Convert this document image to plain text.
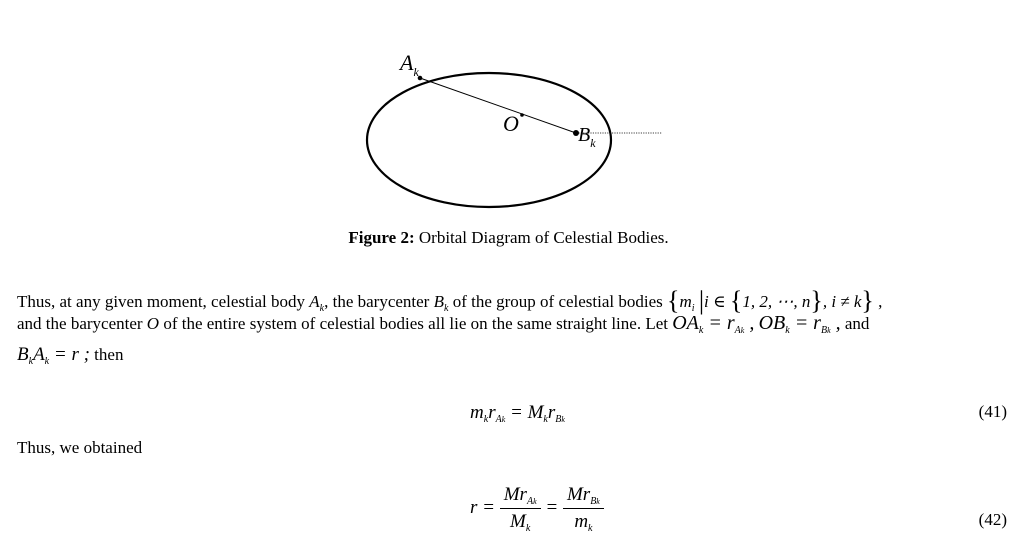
$A_k$
O	$B_k$
Figure 2: Orbital Diagram of Celestial Bodies.
Thus, at any given moment, celestial body $A_k$, the barycenter $B_k$ of the group of celestial bodies {$m_i$ |i ∈ {1, 2, ⋯, n}, i ≠ k} ,
and the barycenter O of the entire system of celestial bodies all lie on the same straight line. Let $OA_k = r_{Ak}$ , $OB_k = r_{Bk}$ , and
$B_kA_k = r$ ; then
$m_kr_{Ak} = M_kr_{Bk}$	(41)
Thus, we obtained
$r = \frac{Mr_{Ak}}{M_k} = \frac{Mr_{Bk}}{m_k}$	(42)
